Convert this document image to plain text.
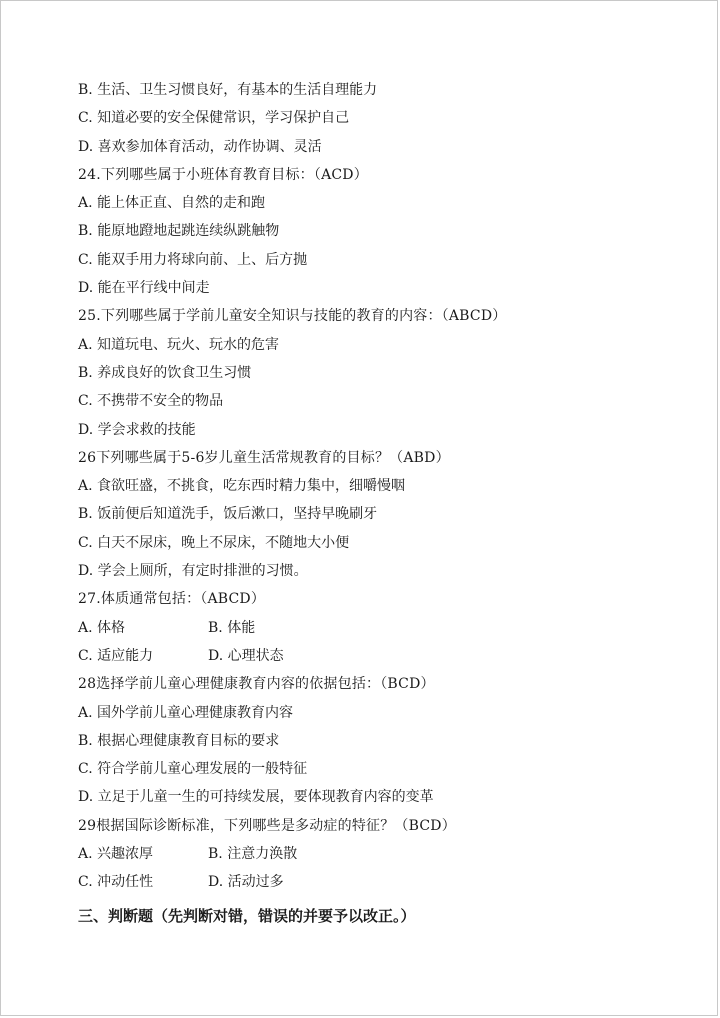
B. 生活、卫生习惯良好，有基本的生活自理能力
C. 知道必要的安全保健常识，学习保护自己
D. 喜欢参加体育活动，动作协调、灵活
24.下列哪些属于小班体育教育目标：（ACD）
A. 能上体正直、自然的走和跑
B. 能原地蹬地起跳连续纵跳触物
C. 能双手用力将球向前、上、后方抛
D. 能在平行线中间走
25.下列哪些属于学前儿童安全知识与技能的教育的内容：（ABCD）
A. 知道玩电、玩火、玩水的危害
B. 养成良好的饮食卫生习惯
C. 不携带不安全的物品
D. 学会求救的技能
26下列哪些属于5-6岁儿童生活常规教育的目标？（ABD）
A. 食欲旺盛，不挑食，吃东西时精力集中，细嚼慢咽
B. 饭前便后知道洗手，饭后漱口，坚持早晚刷牙
C. 白天不尿床，晚上不尿床，不随地大小便
D. 学会上厕所，有定时排泄的习惯。
27.体质通常包括：（ABCD）
A. 体格	B. 体能
C. 适应能力	D. 心理状态
28选择学前儿童心理健康教育内容的依据包括：（BCD）
A. 国外学前儿童心理健康教育内容
B. 根据心理健康教育目标的要求
C. 符合学前儿童心理发展的一般特征
D. 立足于儿童一生的可持续发展，要体现教育内容的变革
29根据国际诊断标准，下列哪些是多动症的特征？（BCD）
A. 兴趣浓厚	B. 注意力涣散
C. 冲动任性	D. 活动过多
三、判断题（先判断对错，错误的并要予以改正。）
